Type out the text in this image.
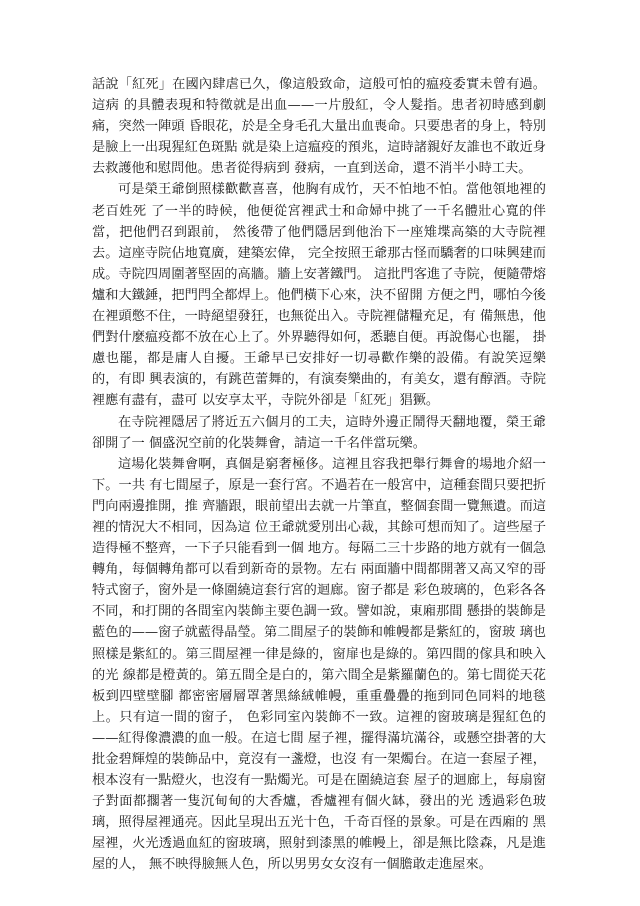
話說「紅死」在國內肆虐已久，像這般致命，這般可怕的瘟疫委實未曾有過。這病 的具體表現和特徵就是出血——一片殷紅，令人髮指。患者初時感到劇痛，突然一陣頭 昏眼花，於是全身毛孔大量出血喪命。只要患者的身上，特別是臉上一出現猩紅色斑點 就是染上這瘟疫的預兆，這時諸親好友誰也不敢近身去救護他和慰問他。患者從得病到 發病，一直到送命，還不消半小時工夫。

可是榮王爺倒照樣歡歡喜喜，他胸有成竹，天不怕地不怕。當他領地裡的老百姓死 了一半的時候，他便從宮裡武士和命婦中挑了一千名體壯心寬的伴當，把他們召到跟前， 然後帶了他們隱居到他治下一座雉堞高築的大寺院裡去。這座寺院佔地寬廣，建築宏偉， 完全按照王爺那古怪而驕奢的口味興建而成。寺院四周圍著堅固的高牆。牆上安著鐵門。 這批門客進了寺院，便隨帶熔爐和大鐵錘，把門閂全都焊上。他們橫下心來，決不留開 方便之門，哪怕今後在裡頭憋不住，一時絕望發狂，也無從出入。寺院裡儲糧充足，有 備無患，他們對什麼瘟疫都不放在心上了。外界聽得如何，悉聽自便。再說傷心也罷， 掛慮也罷，都是庸人自擾。王爺早已安排好一切尋歡作樂的設備。有說笑逗樂的，有即 興表演的，有跳芭蕾舞的，有演奏樂曲的，有美女，還有醇酒。寺院裡應有盡有，盡可 以安享太平，寺院外卻是「紅死」猖獗。

在寺院裡隱居了將近五六個月的工夫，這時外邊正鬧得天翻地覆，榮王爺卻開了一 個盛況空前的化裝舞會，請這一千名伴當玩樂。

這場化裝舞會啊，真個是窮奢極侈。這裡且容我把舉行舞會的場地介紹一下。一共 有七間屋子，原是一套行宮。不過若在一般宮中，這種套間只要把折門向兩邊推開，推 齊牆跟，眼前望出去就一片筆直，整個套間一覽無遺。而這裡的情況大不相同，因為這 位王爺就愛別出心裁，其餘可想而知了。這些屋子造得極不整齊，一下子只能看到一個 地方。每隔二三十步路的地方就有一個急轉角，每個轉角都可以看到新奇的景物。左右 兩面牆中間都開著又高又窄的哥特式窗子，窗外是一條圍繞這套行宮的迴廊。窗子都是 彩色玻璃的，色彩各各不同，和打開的各間室內裝飾主要色調一致。譬如說，東廂那間 懸掛的裝飾是藍色的——窗子就藍得晶瑩。第二間屋子的裝飾和帷幔都是紫紅的，窗玻 璃也照樣是紫紅的。第三間屋裡一律是綠的，窗扉也是綠的。第四間的傢具和映入的光 線都是橙黃的。第五間全是白的，第六間全是紫羅蘭色的。第七間從天花板到四壁壁腳 都密密層層罩著黑絲絨帷幔，重重疊疊的拖到同色同料的地毯上。只有這一間的窗子， 色彩同室內裝飾不一致。這裡的窗玻璃是猩紅色的——紅得像濃濃的血一般。在這七間 屋子裡，擺得滿坑滿谷，或懸空掛著的大批金碧輝煌的裝飾品中，竟沒有一盞燈，也沒 有一架燭台。在這一套屋子裡，根本沒有一點燈火，也沒有一點燭光。可是在圍繞這套 屋子的迴廊上，每扇窗子對面都擱著一隻沉甸甸的大香爐，香爐裡有個火缽，發出的光 透過彩色玻璃，照得屋裡通亮。因此呈現出五光十色，千奇百怪的景象。可是在西廂的 黑屋裡，火光透過血紅的窗玻璃，照射到漆黑的帷幔上，卻是無比陰森，凡是進屋的人， 無不映得臉無人色，所以男男女女沒有一個膽敢走進屋來。
